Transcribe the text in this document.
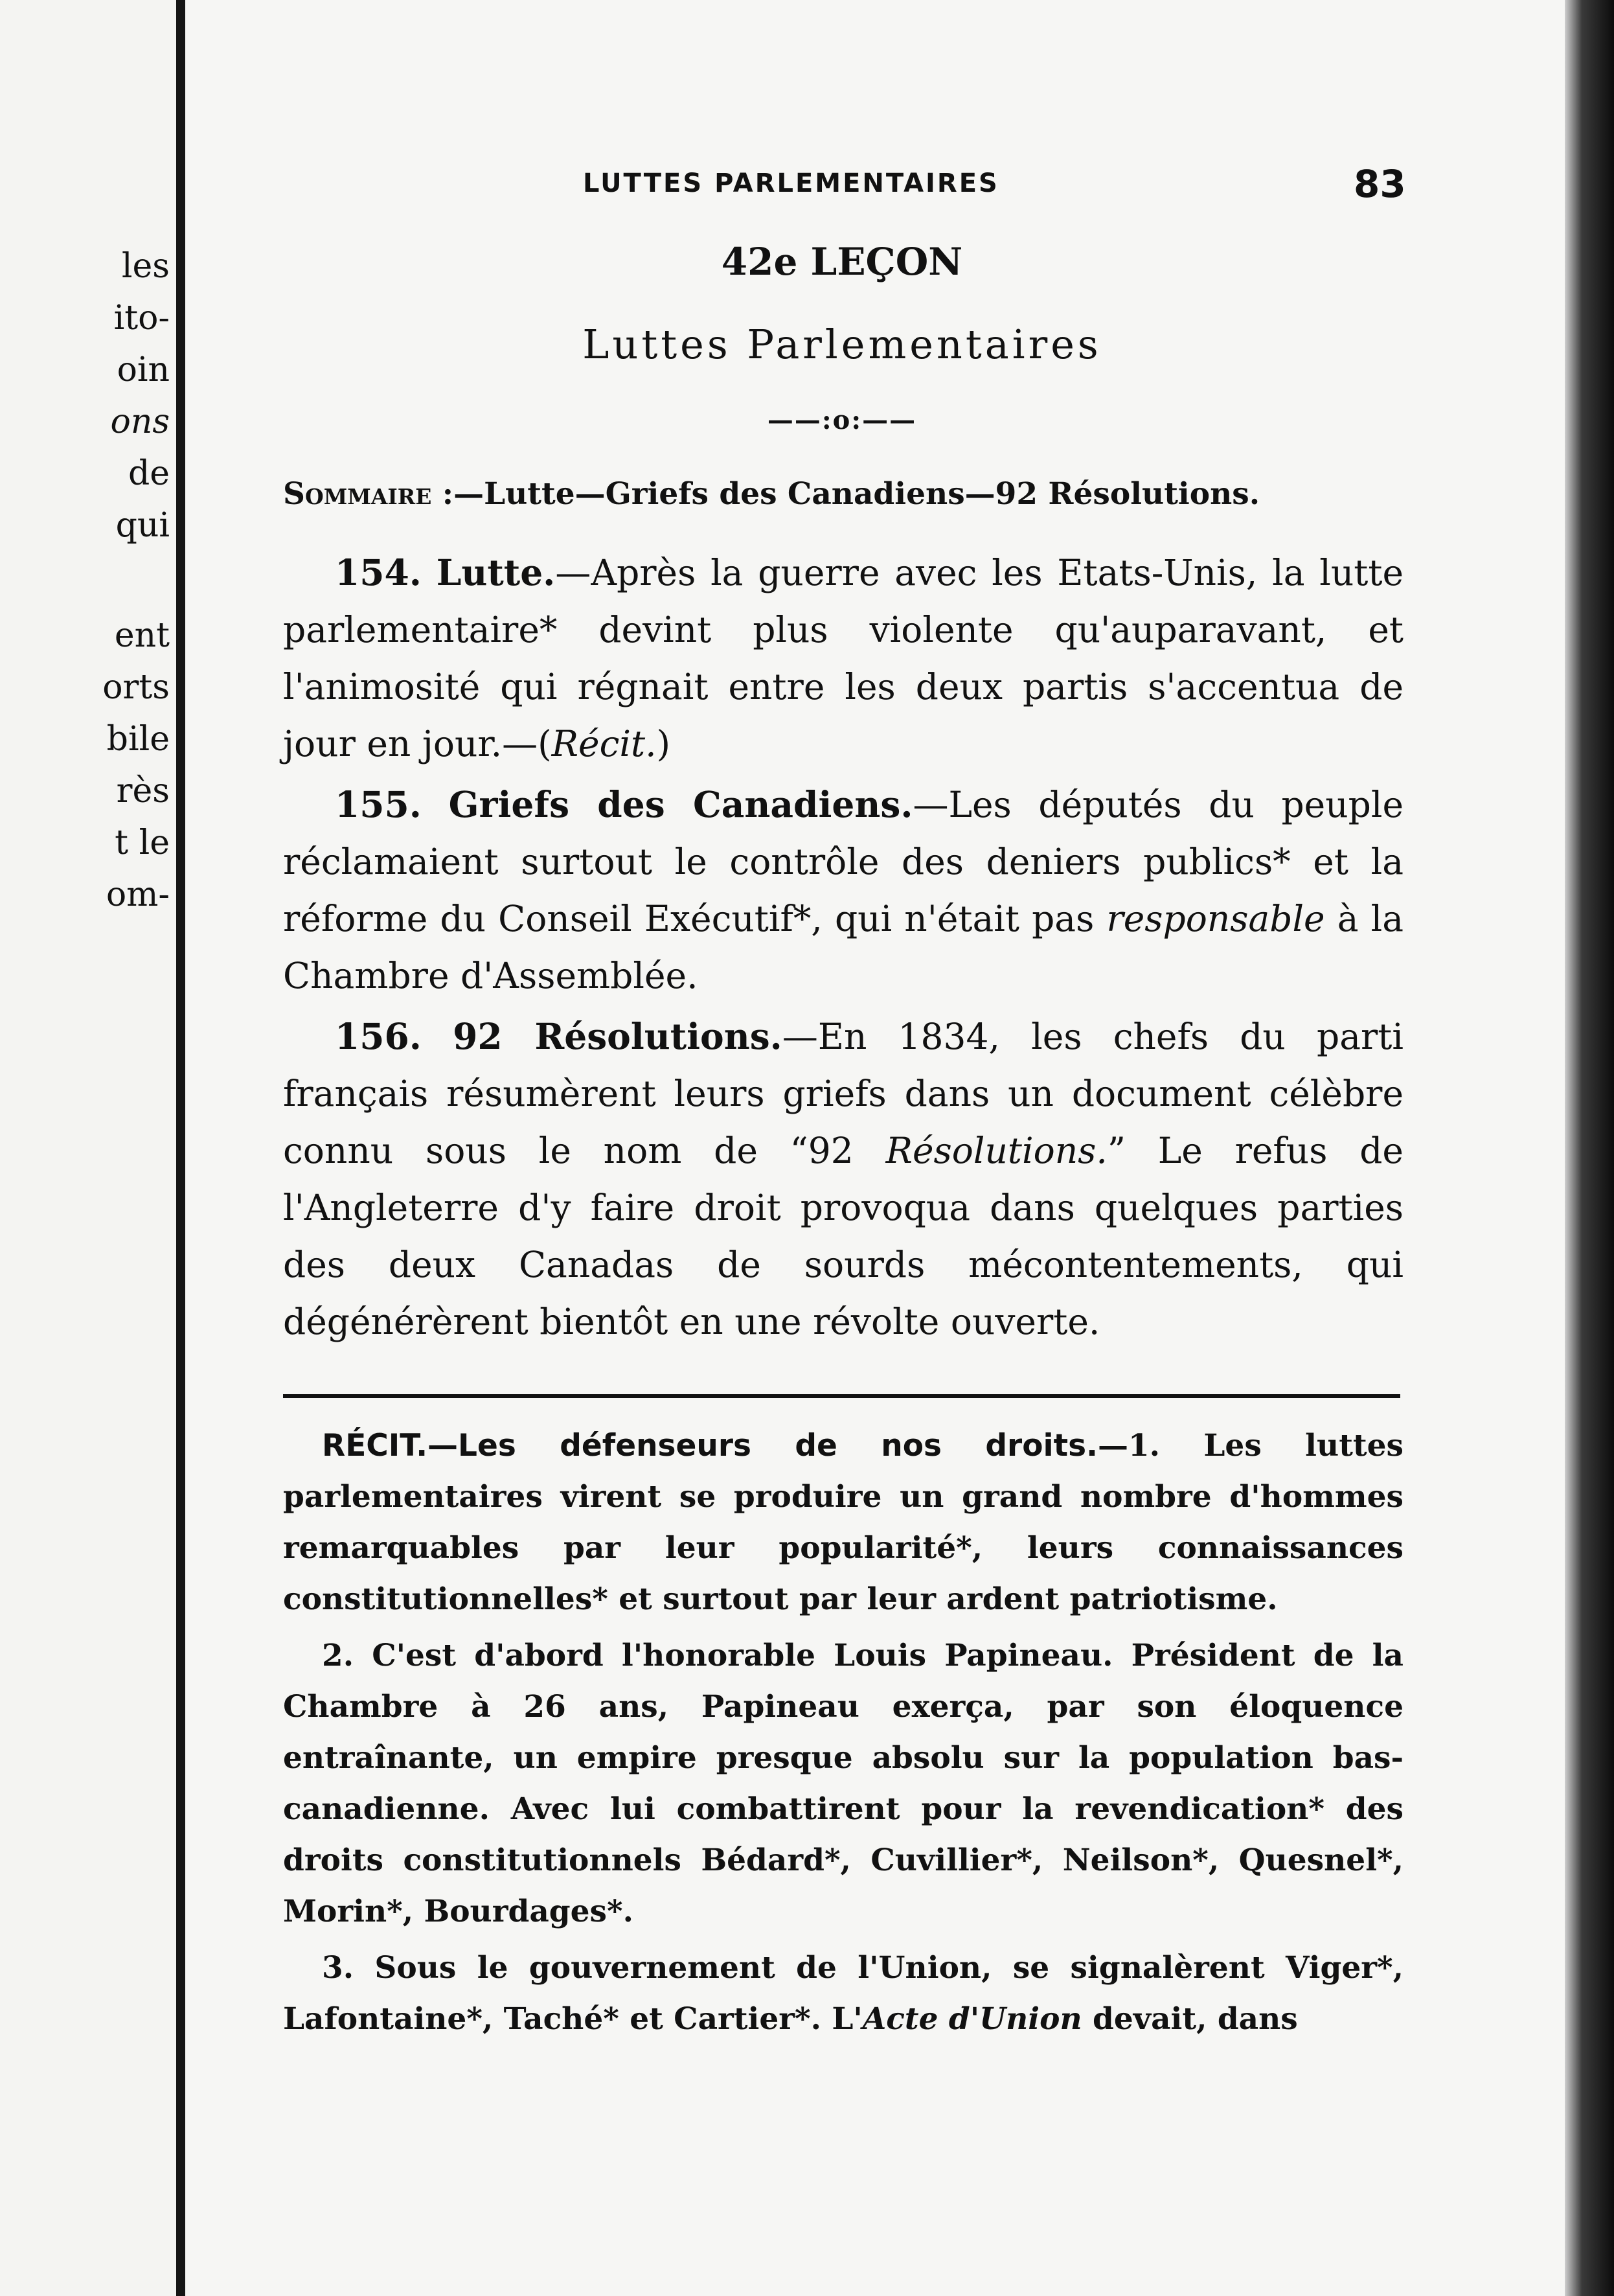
les
ito-
oin
ons
de
qui
ent
orts
bile
rès
t le
om-
LUTTES PARLEMENTAIRES	83
42e LEÇON
Luttes Parlementaires
——:o:——
Sommaire :—Lutte—Griefs des Canadiens—92 Résolutions.

154. Lutte.—Après la guerre avec les Etats-Unis, la lutte parlementaire* devint plus violente qu'auparavant, et l'animosité qui régnait entre les deux partis s'accentua de jour en jour.—(Récit.)

155. Griefs des Canadiens.—Les députés du peuple réclamaient surtout le contrôle des deniers publics* et la réforme du Conseil Exécutif*, qui n'était pas responsable à la Chambre d'Assemblée.

156. 92 Résolutions.—En 1834, les chefs du parti français résumèrent leurs griefs dans un document célèbre connu sous le nom de “92 Résolutions.” Le refus de l'Angleterre d'y faire droit provoqua dans quelques parties des deux Canadas de sourds mécontentements, qui dégénérèrent bientôt en une révolte ouverte.

RÉCIT.—Les défenseurs de nos droits.—1. Les luttes parlementaires virent se produire un grand nombre d'hommes remarquables par leur popularité*, leurs connaissances constitutionnelles* et surtout par leur ardent patriotisme.

2. C'est d'abord l'honorable Louis Papineau. Président de la Chambre à 26 ans, Papineau exerça, par son éloquence entraînante, un empire presque absolu sur la population bas-canadienne. Avec lui combattirent pour la revendication* des droits constitutionnels Bédard*, Cuvillier*, Neilson*, Quesnel*, Morin*, Bourdages*.

3. Sous le gouvernement de l'Union, se signalèrent Viger*, Lafontaine*, Taché* et Cartier*. L'Acte d'Union devait, dans
